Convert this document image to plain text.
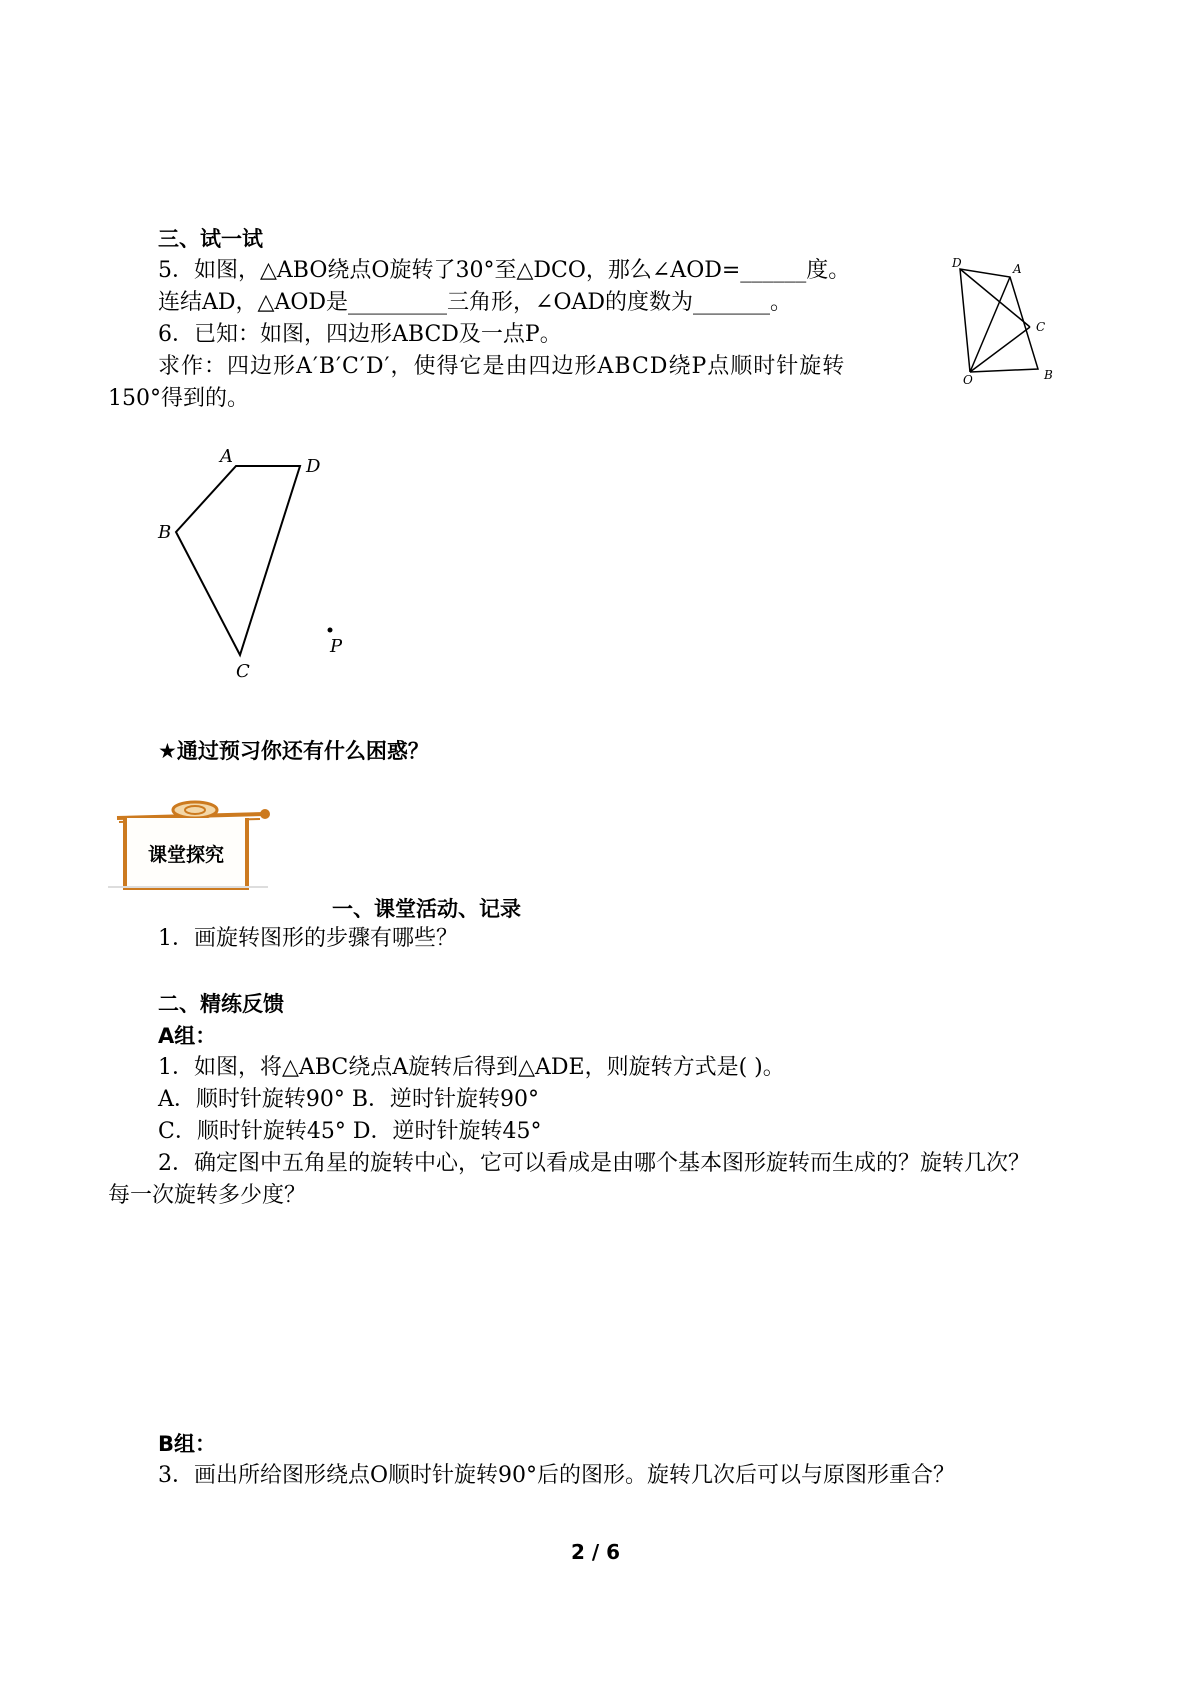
三、试一试
5．如图，△ABO绕点O旋转了30°至△DCO，那么∠AOD=______度。
连结AD，△AOD是_________三角形，∠OAD的度数为_______。
6．已知：如图，四边形ABCD及一点P。
求作：四边形A′B′C′D′，使得它是由四边形ABCD绕P点顺时针旋转
150°得到的。
D	A
C
O	B
A	D
B
C
P
★通过预习你还有什么困惑？
课堂探究
一、课堂活动、记录
1．画旋转图形的步骤有哪些？
二、精练反馈
A组：
1．如图，将△ABC绕点A旋转后得到△ADE，则旋转方式是( )。
A．顺时针旋转90° B．逆时针旋转90°
C．顺时针旋转45° D．逆时针旋转45°
2．确定图中五角星的旋转中心，它可以看成是由哪个基本图形旋转而生成的？旋转几次？
每一次旋转多少度？
B组：
3．画出所给图形绕点O顺时针旋转90°后的图形。旋转几次后可以与原图形重合？
2 / 6
